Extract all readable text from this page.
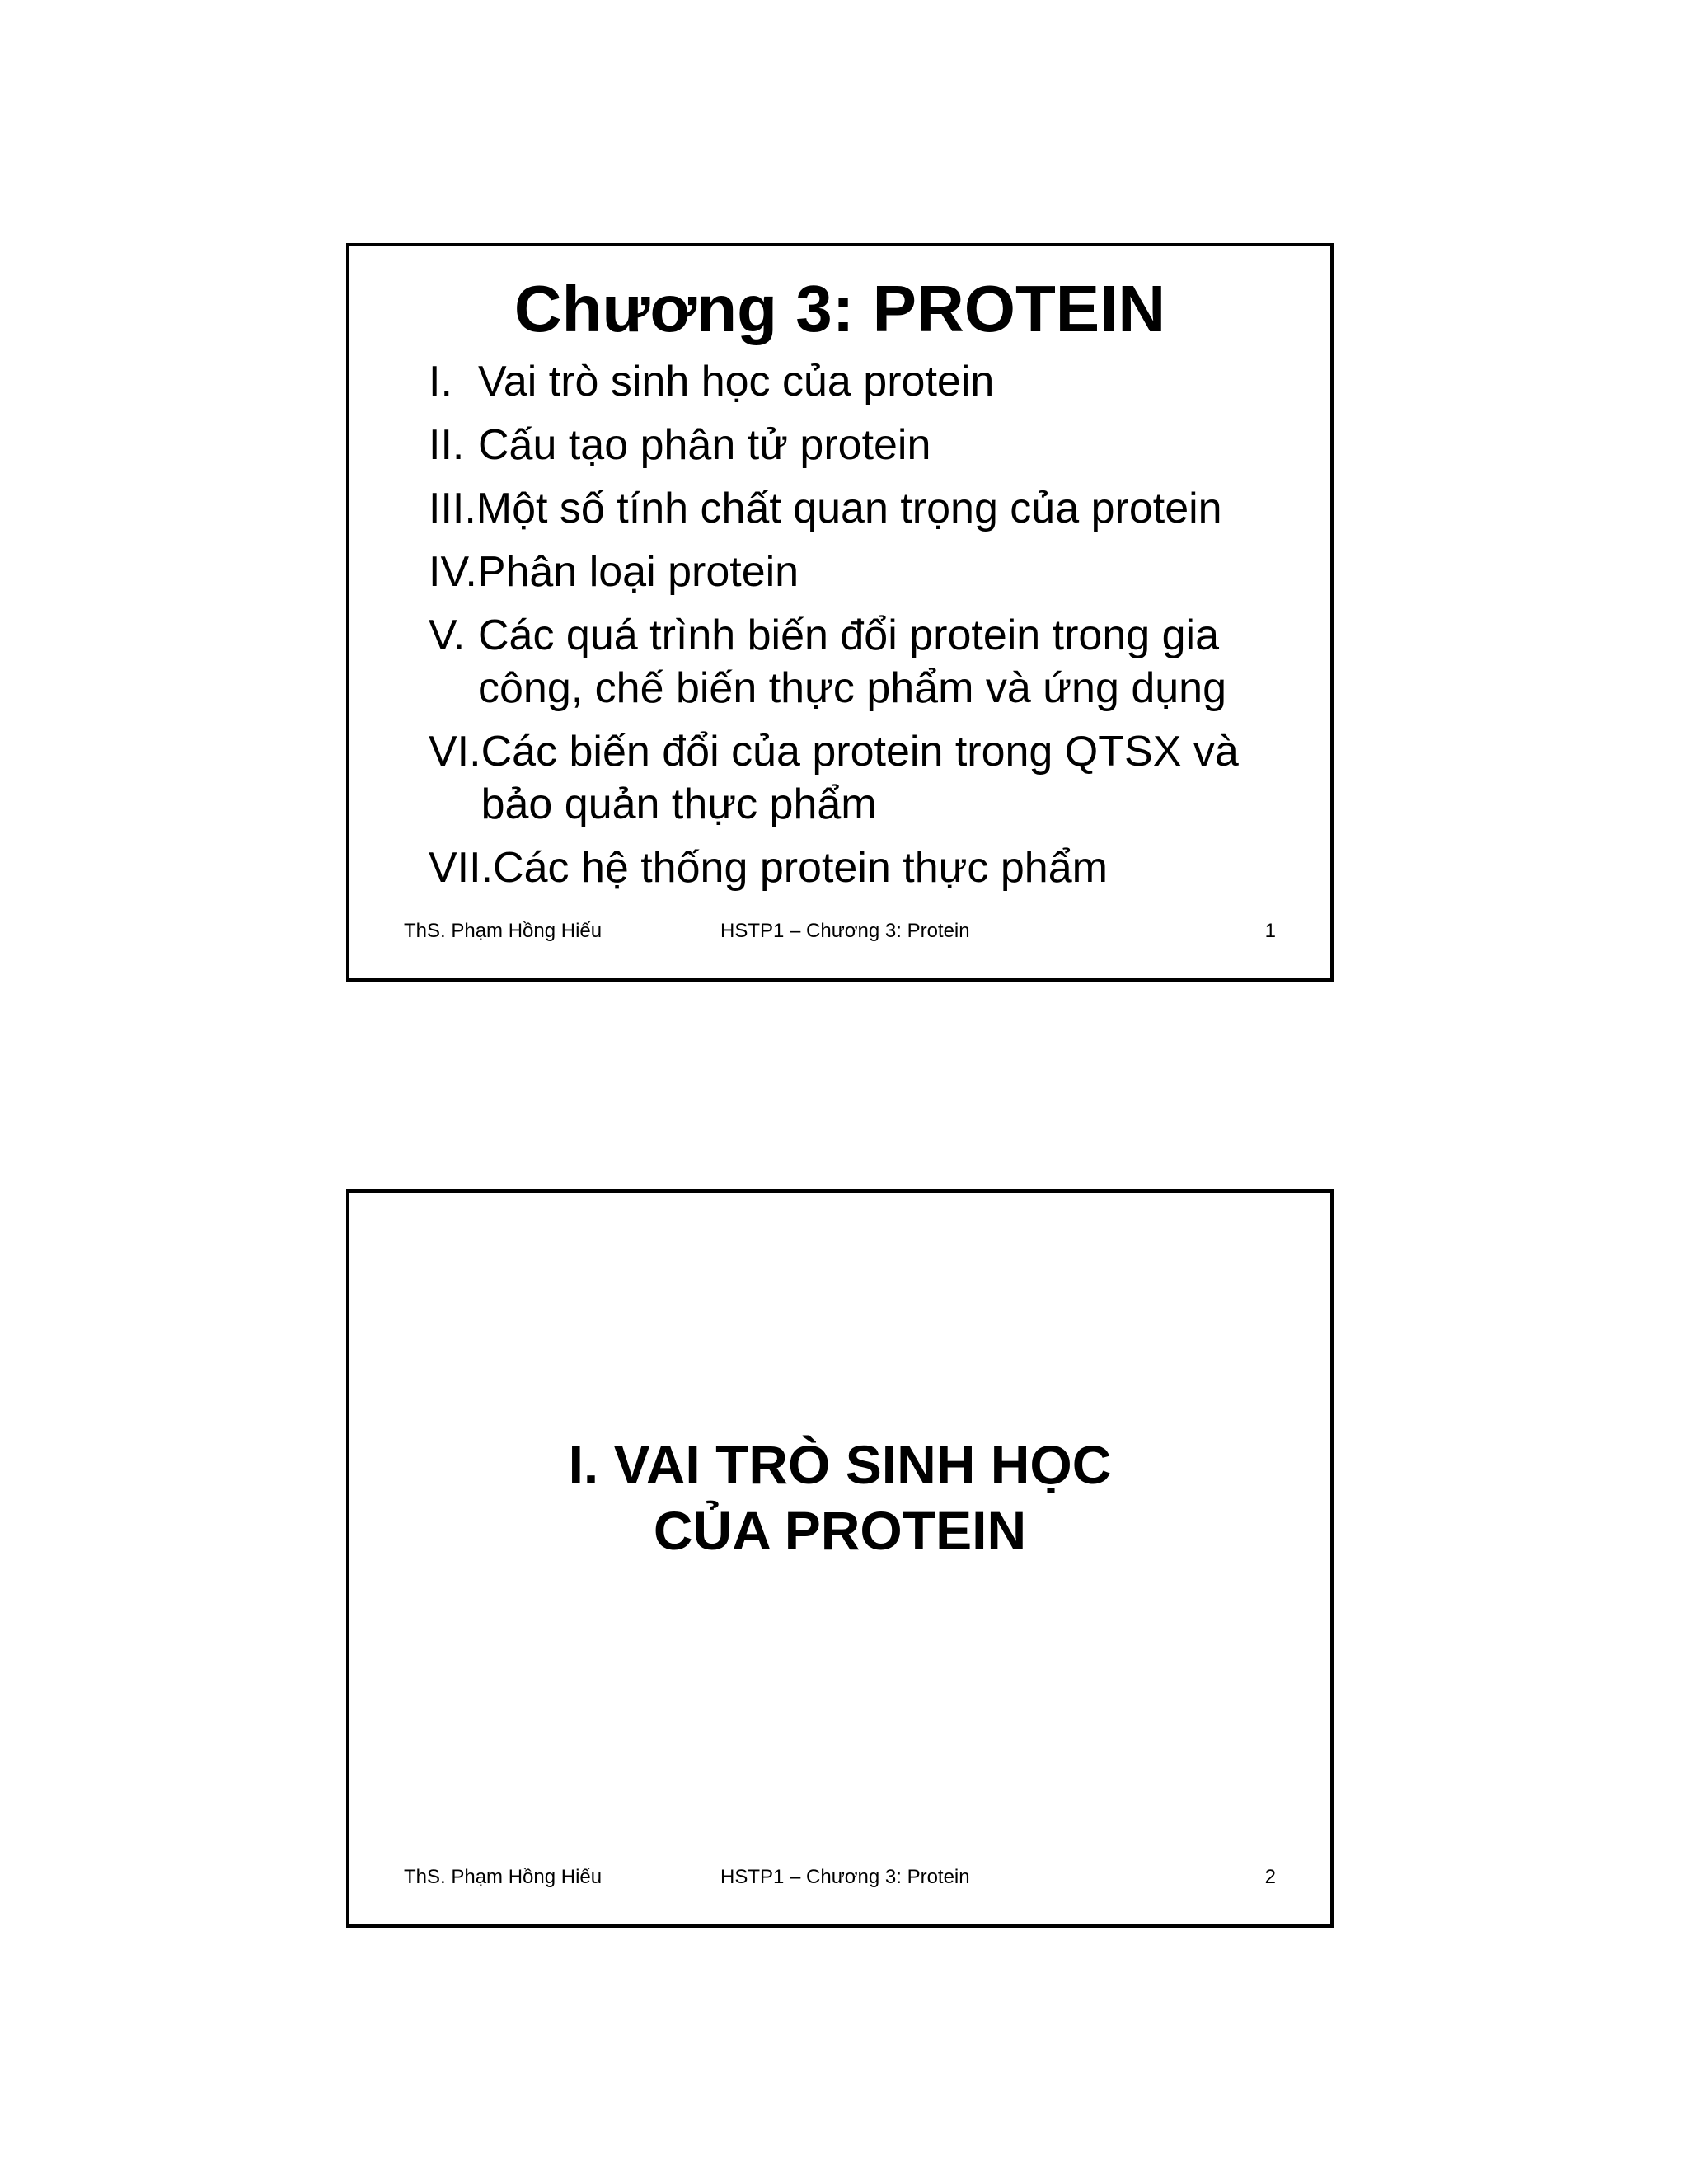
Chương 3: PROTEIN
I. Vai trò sinh học của protein
II. Cấu tạo phân tử protein
III. Một số tính chất quan trọng của protein
IV. Phân loại protein
V. Các quá trình biến đổi protein trong gia công, chế biến thực phẩm và ứng dụng
VI. Các biến đổi của protein trong QTSX và bảo quản thực phẩm
VII. Các hệ thống protein thực phẩm
ThS. Phạm Hồng Hiếu	HSTP1 – Chương 3: Protein	1
I. VAI TRÒ SINH HỌC
CỦA PROTEIN
ThS. Phạm Hồng Hiếu	HSTP1 – Chương 3: Protein	2
